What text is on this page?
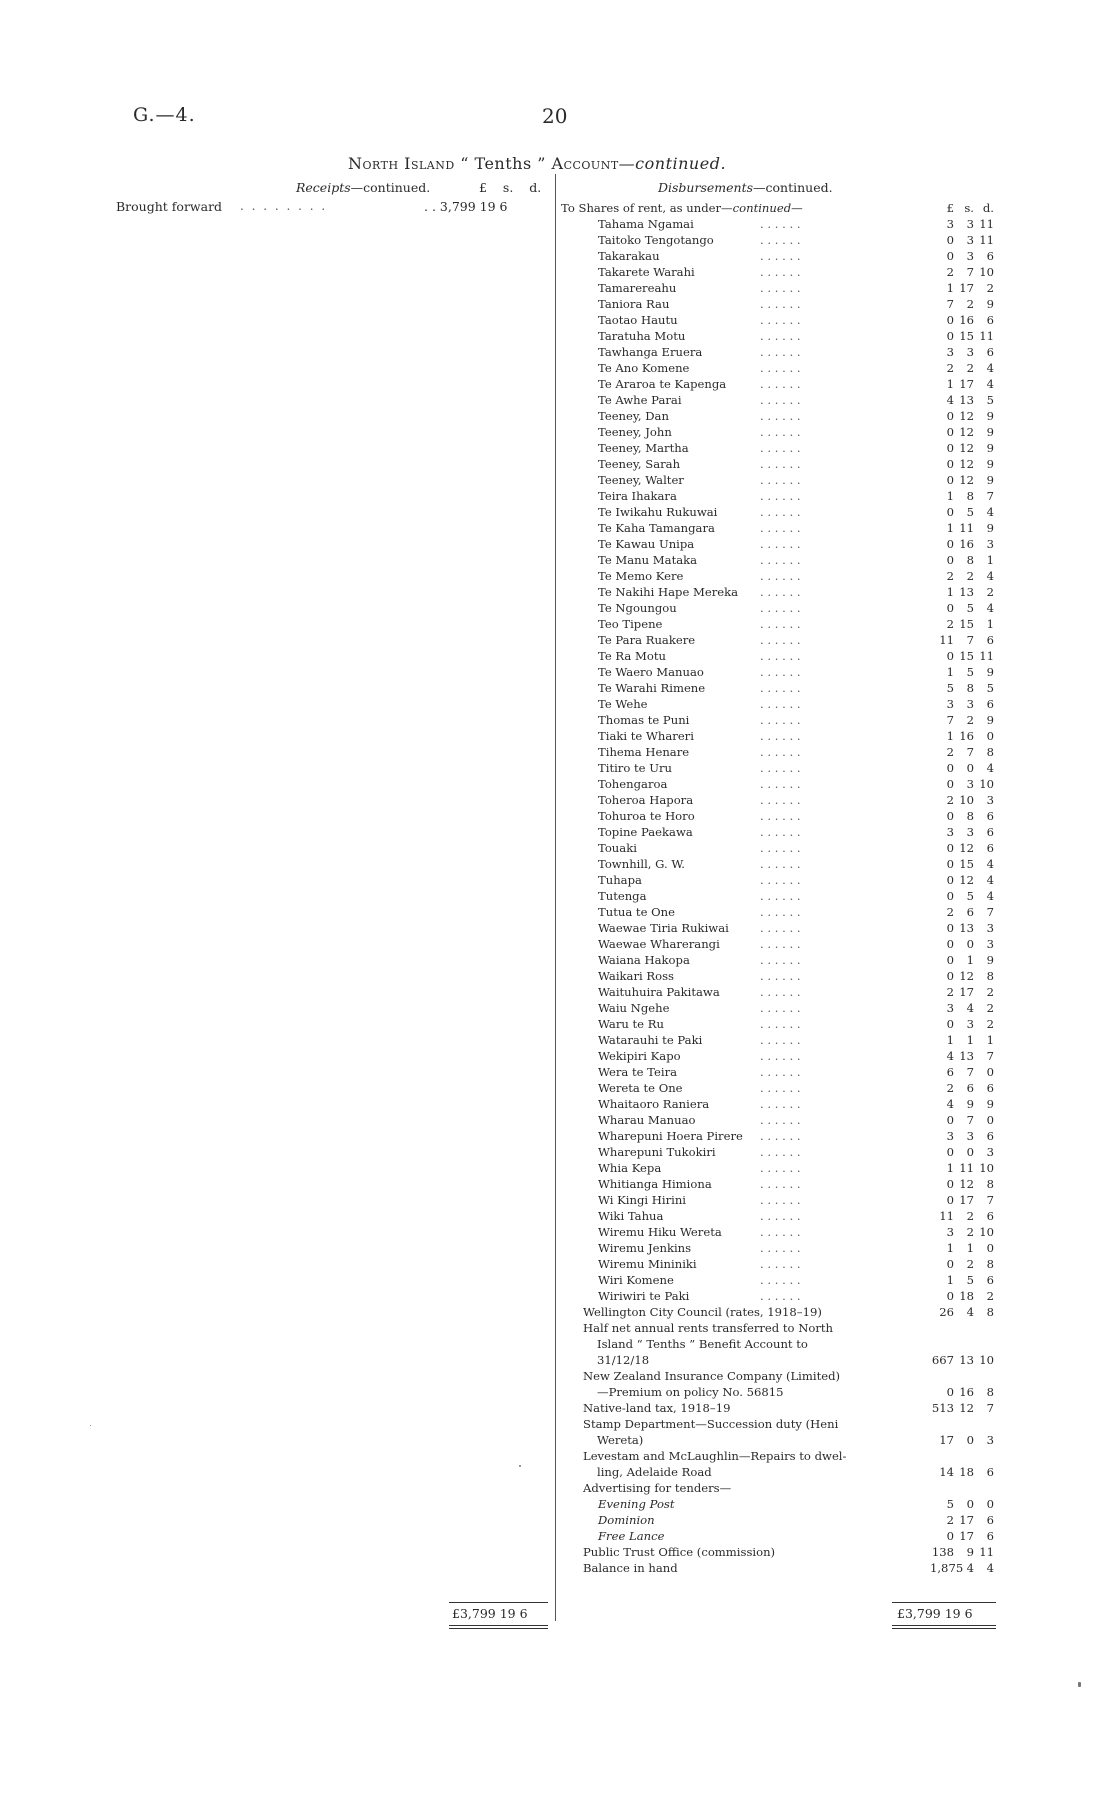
G.—4.	20
North Island “ Tenths ” Account—continued.
Receipts—continued.	£ s. d.	Disbursements—continued.
Brought forward . . . . . . . .	. . 3,799 19 6	To Shares of rent, as under—continued—	£ s. d.
Tahama Ngamai	. . . . . .	3 3 11
Taitoko Tengotango	. . . . . .	0 3 11
Takarakau	. . . . . .	0 3 6
Takarete Warahi	. . . . . .	2 7 10
Tamarereahu	. . . . . .	1 17 2
Taniora Rau	. . . . . .	7 2 9
Taotao Hautu	. . . . . .	0 16 6
Taratuha Motu	. . . . . .	0 15 11
Tawhanga Eruera	. . . . . .	3 3 6
Te Ano Komene	. . . . . .	2 2 4
Te Araroa te Kapenga	. . . . . .	1 17 4
Te Awhe Parai	. . . . . .	4 13 5
Teeney, Dan	. . . . . .	0 12 9
Teeney, John	. . . . . .	0 12 9
Teeney, Martha	. . . . . .	0 12 9
Teeney, Sarah	. . . . . .	0 12 9
Teeney, Walter	. . . . . .	0 12 9
Teira Ihakara	. . . . . .	1 8 7
Te Iwikahu Rukuwai	. . . . . .	0 5 4
Te Kaha Tamangara	. . . . . .	1 11 9
Te Kawau Unipa	. . . . . .	0 16 3
Te Manu Mataka	. . . . . .	0 8 1
Te Memo Kere	. . . . . .	2 2 4
Te Nakihi Hape Mereka . . . . . .	1 13 2
Te Ngoungou	. . . . . .	0 5 4
Teo Tipene	. . . . . .	2 15 1
Te Para Ruakere	. . . . . .	11 7 6
Te Ra Motu	. . . . . .	0 15 11
Te Waero Manuao	. . . . . .	1 5 9
Te Warahi Rimene	. . . . . .	5 8 5
Te Wehe	. . . . . .	3 3 6
Thomas te Puni	. . . . . .	7 2 9
Tiaki te Whareri	. . . . . .	1 16 0
Tihema Henare	. . . . . .	2 7 8
Titiro te Uru	. . . . . .	0 0 4
Tohengaroa	. . . . . .	0 3 10
Toheroa Hapora	. . . . . .	2 10 3
Tohuroa te Horo	. . . . . .	0 8 6
Topine Paekawa	. . . . . .	3 3 6
Touaki	. . . . . .	0 12 6
Townhill, G. W.	. . . . . .	0 15 4
Tuhapa	. . . . . .	0 12 4
Tutenga	. . . . . .	0 5 4
Tutua te One	. . . . . .	2 6 7
Waewae Tiria Rukiwai	. . . . . .	0 13 3
Waewae Wharerangi	. . . . . .	0 0 3
Waiana Hakopa	. . . . . .	0 1 9
Waikari Ross	. . . . . .	0 12 8
Waituhuira Pakitawa	. . . . . .	2 17 2
Waiu Ngehe	. . . . . .	3 4 2
Waru te Ru	. . . . . .	0 3 2
Watarauhi te Paki	. . . . . .	1 1 1
Wekipiri Kapo	. . . . . .	4 13 7
Wera te Teira	. . . . . .	6 7 0
Wereta te One	. . . . . .	2 6 6
Whaitaoro Raniera	. . . . . .	4 9 9
Wharau Manuao	. . . . . .	0 7 0
Wharepuni Hoera Pirere . . . . . .	3 3 6
Wharepuni Tukokiri	. . . . . .	0 0 3
Whia Kepa	. . . . . .	1 11 10
Whitianga Himiona	. . . . . .	0 12 8
Wi Kingi Hirini	. . . . . .	0 17 7
Wiki Tahua	. . . . . .	11 2 6
Wiremu Hiku Wereta	. . . . . .	3 2 10
Wiremu Jenkins	. . . . . .	1 1 0
Wiremu Mininiki	. . . . . .	0 2 8
Wiri Komene	. . . . . .	1 5 6
Wiriwiri te Paki	. . . . . .	0 18 2
Wellington City Council (rates, 1918–19)	26 4 8
Half net annual rents transferred to North
Island “ Tenths ” Benefit Account to
31/12/18	667 13 10
New Zealand Insurance Company (Limited)
—Premium on policy No. 56815	0 16 8
Native-land tax, 1918–19	513 12 7
Stamp Department—Succession duty (Heni
Wereta)	17 0 3
Levestam and McLaughlin—Repairs to dwel-
ling, Adelaide Road	14 18 6
Advertising for tenders—
Evening Post	5 0 0
Dominion	2 17 6
Free Lance	0 17 6
Public Trust Office (commission)	138 9 11
Balance in hand	1,875 4 4
£3,799 19 6	£3,799 19 6
